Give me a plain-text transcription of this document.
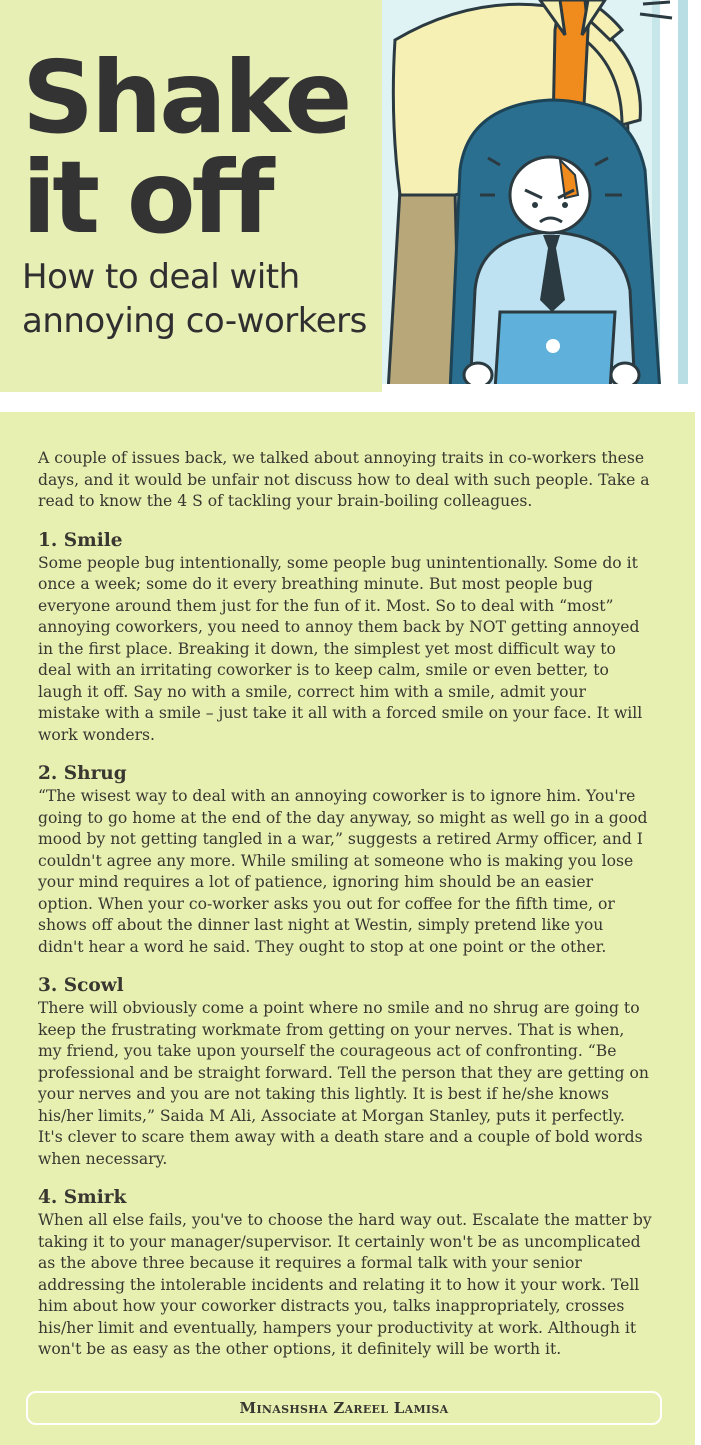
Shake
it off
How to deal with
annoying co-workers

A couple of issues back, we talked about annoying traits in co-workers these days, and it would be unfair not discuss how to deal with such people. Take a read to know the 4 S of tackling your brain-boiling colleagues.

1. Smile

Some people bug intentionally, some people bug unintentionally. Some do it once a week; some do it every breathing minute. But most people bug everyone around them just for the fun of it. Most. So to deal with “most” annoying coworkers, you need to annoy them back by NOT getting annoyed in the first place. Breaking it down, the simplest yet most difficult way to deal with an irritating coworker is to keep calm, smile or even better, to laugh it off. Say no with a smile, correct him with a smile, admit your mistake with a smile – just take it all with a forced smile on your face. It will work wonders.

2. Shrug

“The wisest way to deal with an annoying coworker is to ignore him. You're going to go home at the end of the day anyway, so might as well go in a good mood by not getting tangled in a war,” suggests a retired Army officer, and I couldn't agree any more. While smiling at someone who is making you lose your mind requires a lot of patience, ignoring him should be an easier option. When your co-worker asks you out for coffee for the fifth time, or shows off about the dinner last night at Westin, simply pretend like you didn't hear a word he said. They ought to stop at one point or the other.

3. Scowl

There will obviously come a point where no smile and no shrug are going to keep the frustrating workmate from getting on your nerves. That is when, my friend, you take upon yourself the courageous act of confronting. “Be professional and be straight forward. Tell the person that they are getting on your nerves and you are not taking this lightly. It is best if he/she knows his/her limits,” Saida M Ali, Associate at Morgan Stanley, puts it perfectly. It's clever to scare them away with a death stare and a couple of bold words when necessary.

4. Smirk

When all else fails, you've to choose the hard way out. Escalate the matter by taking it to your manager/supervisor. It certainly won't be as uncomplicated as the above three because it requires a formal talk with your senior addressing the intolerable incidents and relating it to how it your work. Tell him about how your coworker distracts you, talks inappropriately, crosses his/her limit and eventually, hampers your productivity at work. Although it won't be as easy as the other options, it definitely will be worth it.

Minashsha Zareel Lamisa
